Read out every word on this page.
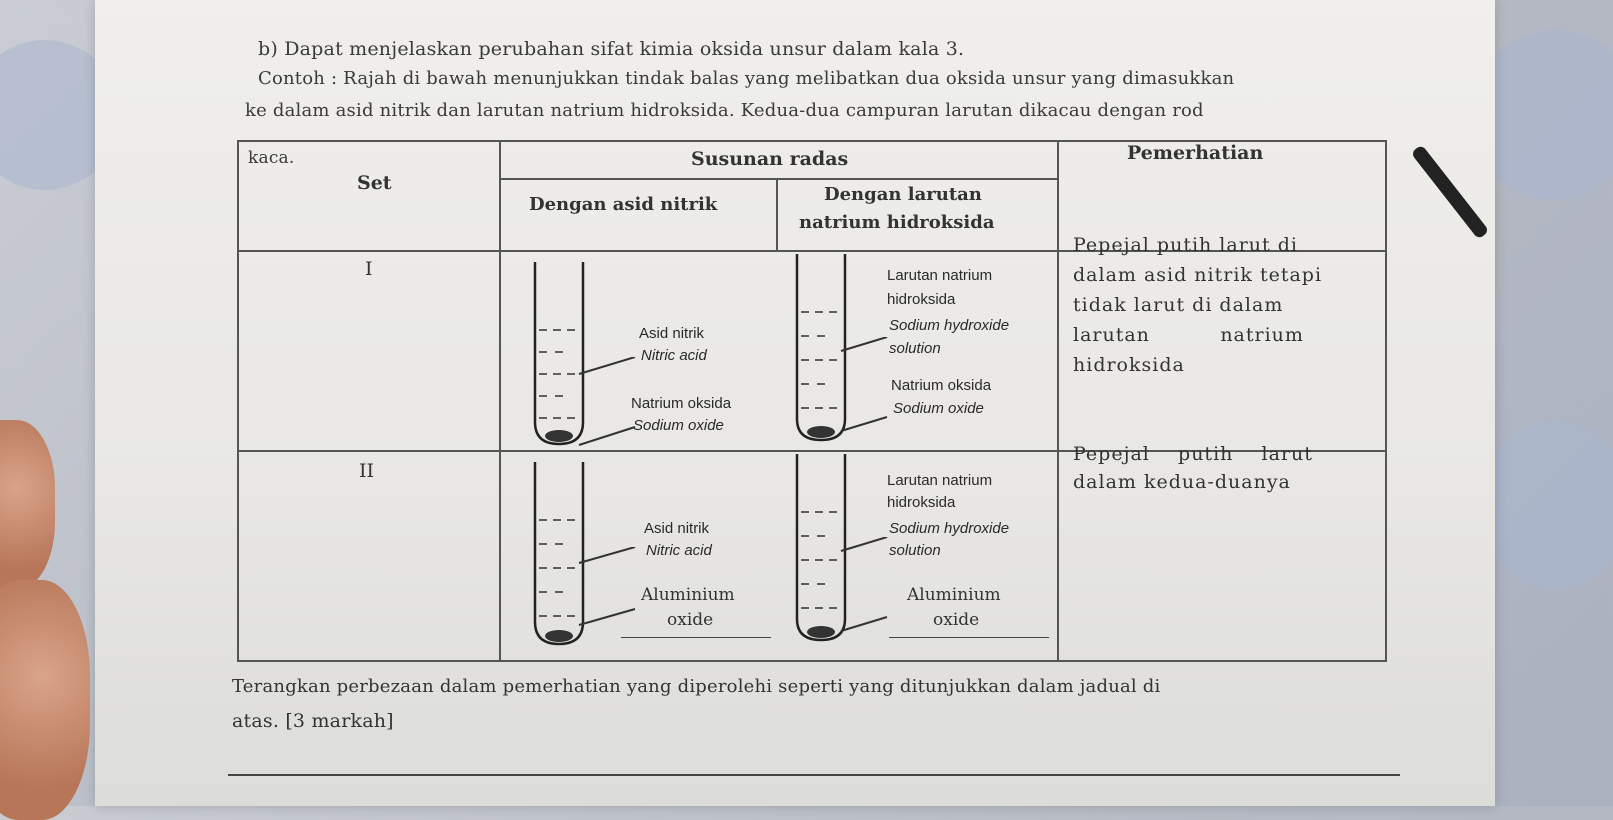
b) Dapat menjelaskan perubahan sifat kimia oksida unsur dalam kala 3.
Contoh : Rajah di bawah menunjukkan tindak balas yang melibatkan dua oksida unsur yang dimasukkan
ke dalam asid nitrik dan larutan natrium hidroksida. Kedua-dua campuran larutan dikacau dengan rod
kaca.
Set
Susunan radas
Dengan asid nitrik	Dengan larutan
natrium hidroksida
Pemerhatian
I
Asid nitrik
Nitric acid
Natrium oksida
Sodium oxide
Larutan natrium
hidroksida
Sodium hydroxide
solution
Natrium oksida
Sodium oxide
Pepejal putih larut di
dalam asid nitrik tetapi
tidak larut di dalam
larutan          natrium
hidroksida
II
Asid nitrik
Nitric acid
Aluminium
oxide
Larutan natrium
hidroksida
Sodium hydroxide
solution
Aluminium
oxide
Pepejal    putih    larut
dalam kedua-duanya
Terangkan perbezaan dalam pemerhatian yang diperolehi seperti yang ditunjukkan dalam jadual di
atas. [3 markah]
